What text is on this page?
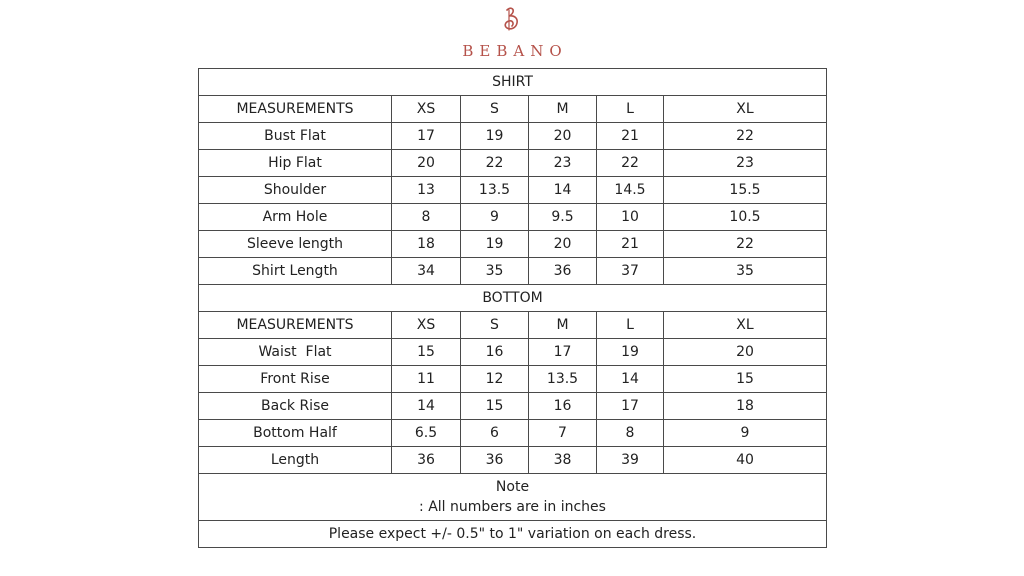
BEBANO
SHIRT					
MEASUREMENTS	XS	S	M	L	XL
Bust Flat	17	19	20	21	22
Hip Flat	20	22	23	22	23
Shoulder	13	13.5	14	14.5	15.5
Arm Hole	8	9	9.5	10	10.5
Sleeve length	18	19	20	21	22
Shirt Length	34	35	36	37	35
BOTTOM					
MEASUREMENTS	XS	S	M	L	XL
Waist  Flat	15	16	17	19	20
Front Rise	11	12	13.5	14	15
Back Rise	14	15	16	17	18
Bottom Half	6.5	6	7	8	9
Length	36	36	38	39	40

Note
: All numbers are in inches					

Please expect +/- 0.5" to 1" variation on each dress.					
